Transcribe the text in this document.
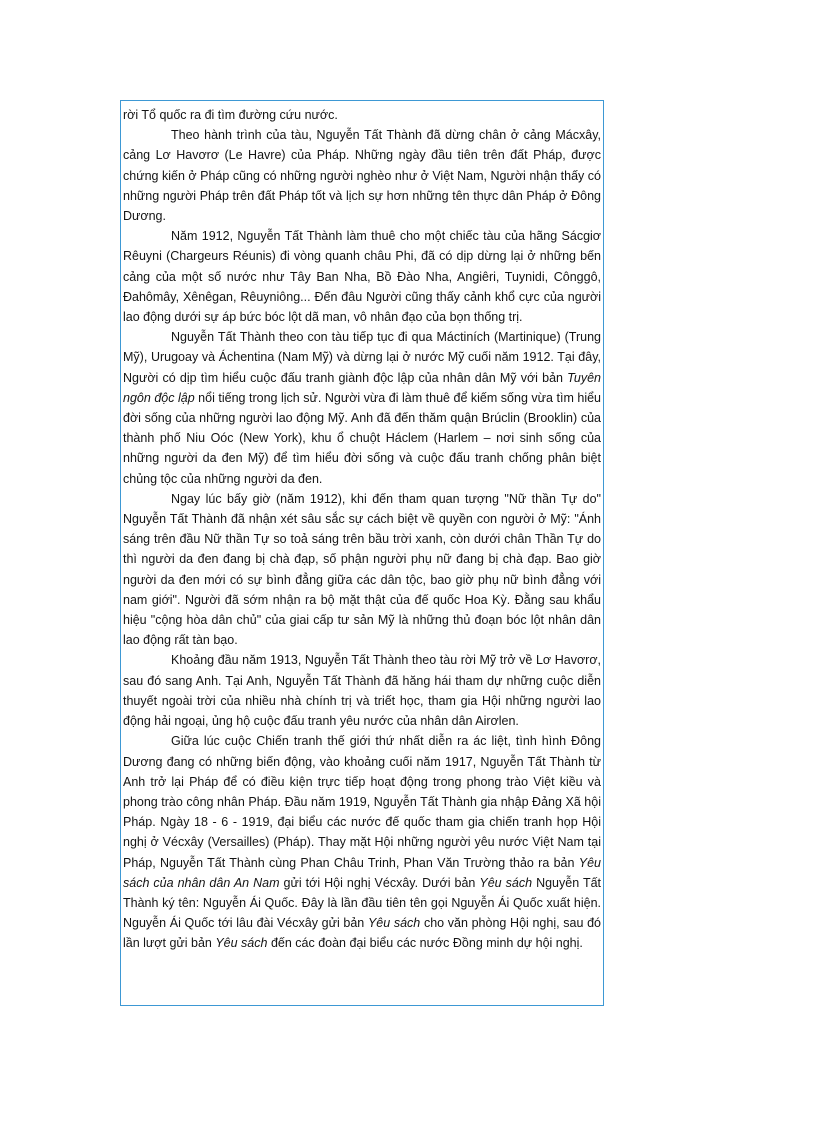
rời Tổ quốc ra đi tìm đường cứu nước.

Theo hành trình của tàu, Nguyễn Tất Thành đã dừng chân ở cảng Mácxây, cảng Lơ Havơrơ (Le Havre) của Pháp. Những ngày đầu tiên trên đất Pháp, được chứng kiến ở Pháp cũng có những người nghèo như ở Việt Nam, Người nhận thấy có những người Pháp trên đất Pháp tốt và lịch sự hơn những tên thực dân Pháp ở Đông Dương.

Năm 1912, Nguyễn Tất Thành làm thuê cho một chiếc tàu của hãng Sácgiơ Rêuyni (Chargeurs Réunis) đi vòng quanh châu Phi, đã có dịp dừng lại ở những bến cảng của một số nước như Tây Ban Nha, Bồ Đào Nha, Angiêri, Tuynidi, Cônggô, Đahômây, Xênêgan, Rêuyniông... Đến đâu Người cũng thấy cảnh khổ cực của người lao động dưới sự áp bức bóc lột dã man, vô nhân đạo của bọn thống trị.

Nguyễn Tất Thành theo con tàu tiếp tục đi qua Máctiních (Martinique) (Trung Mỹ), Urugoay và Áchentina (Nam Mỹ) và dừng lại ở nước Mỹ cuối năm 1912. Tại đây, Người có dịp tìm hiểu cuộc đấu tranh giành độc lập của nhân dân Mỹ với bản Tuyên ngôn độc lập nổi tiếng trong lịch sử. Người vừa đi làm thuê để kiếm sống vừa tìm hiểu đời sống của những người lao động Mỹ. Anh đã đến thăm quận Brúclin (Brooklin) của thành phố Niu Oóc (New York), khu ổ chuột Háclem (Harlem – nơi sinh sống của những người da đen Mỹ) để tìm hiểu đời sống và cuộc đấu tranh chống phân biệt chủng tộc của những người da đen.

Ngay lúc bấy giờ (năm 1912), khi đến tham quan tượng "Nữ thần Tự do" Nguyễn Tất Thành đã nhận xét sâu sắc sự cách biệt về quyền con người ở Mỹ: "Ánh sáng trên đầu Nữ thần Tự so toả sáng trên bầu trời xanh, còn dưới chân Thần Tự do thì người da đen đang bị chà đạp, số phận người phụ nữ đang bị chà đạp. Bao giờ người da đen mới có sự bình đẳng giữa các dân tộc, bao giờ phụ nữ bình đẳng với nam giới". Người đã sớm nhận ra bộ mặt thật của đế quốc Hoa Kỳ. Đằng sau khẩu hiệu "cộng hòa dân chủ" của giai cấp tư sản Mỹ là những thủ đoạn bóc lột nhân dân lao động rất tàn bạo.

Khoảng đầu năm 1913, Nguyễn Tất Thành theo tàu rời Mỹ trở về Lơ Havơrơ, sau đó sang Anh. Tại Anh, Nguyễn Tất Thành đã hăng hái tham dự những cuộc diễn thuyết ngoài trời của nhiều nhà chính trị và triết học, tham gia Hội những người lao động hải ngoại, ủng hộ cuộc đấu tranh yêu nước của nhân dân Airơlen.

Giữa lúc cuộc Chiến tranh thế giới thứ nhất diễn ra ác liệt, tình hình Đông Dương đang có những biến động, vào khoảng cuối năm 1917, Nguyễn Tất Thành từ Anh trở lại Pháp để có điều kiện trực tiếp hoạt động trong phong trào Việt kiều và phong trào công nhân Pháp. Đầu năm 1919, Nguyễn Tất Thành gia nhập Đảng Xã hội Pháp. Ngày 18 - 6 - 1919, đại biểu các nước đế quốc tham gia chiến tranh họp Hội nghị ở Vécxây (Versailles) (Pháp). Thay mặt Hội những người yêu nước Việt Nam tại Pháp, Nguyễn Tất Thành cùng Phan Châu Trinh, Phan Văn Trường thảo ra bản Yêu sách của nhân dân An Nam gửi tới Hội nghị Vécxây. Dưới bản Yêu sách Nguyễn Tất Thành ký tên: Nguyễn Ái Quốc. Đây là lần đầu tiên tên gọi Nguyễn Ái Quốc xuất hiện. Nguyễn Ái Quốc tới lâu đài Vécxây gửi bản Yêu sách cho văn phòng Hội nghị, sau đó lần lượt gửi bản Yêu sách đến các đoàn đại biểu các nước Đồng minh dự hội nghị.
